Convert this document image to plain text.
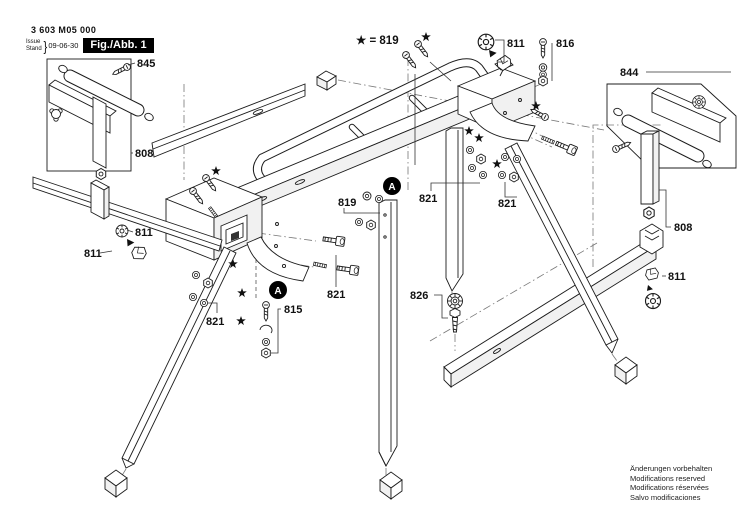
3 603 M05 000
Issue
Stand } 09-06-30	Fig./Abb. 1	★ = 819
Änderungen vorbehalten
Modifications reserved
Modifications réservées
Salvo modificaciones
845
808
811
811
821
815
821
819	821	821
826
811	816
844
808
811
A
A
